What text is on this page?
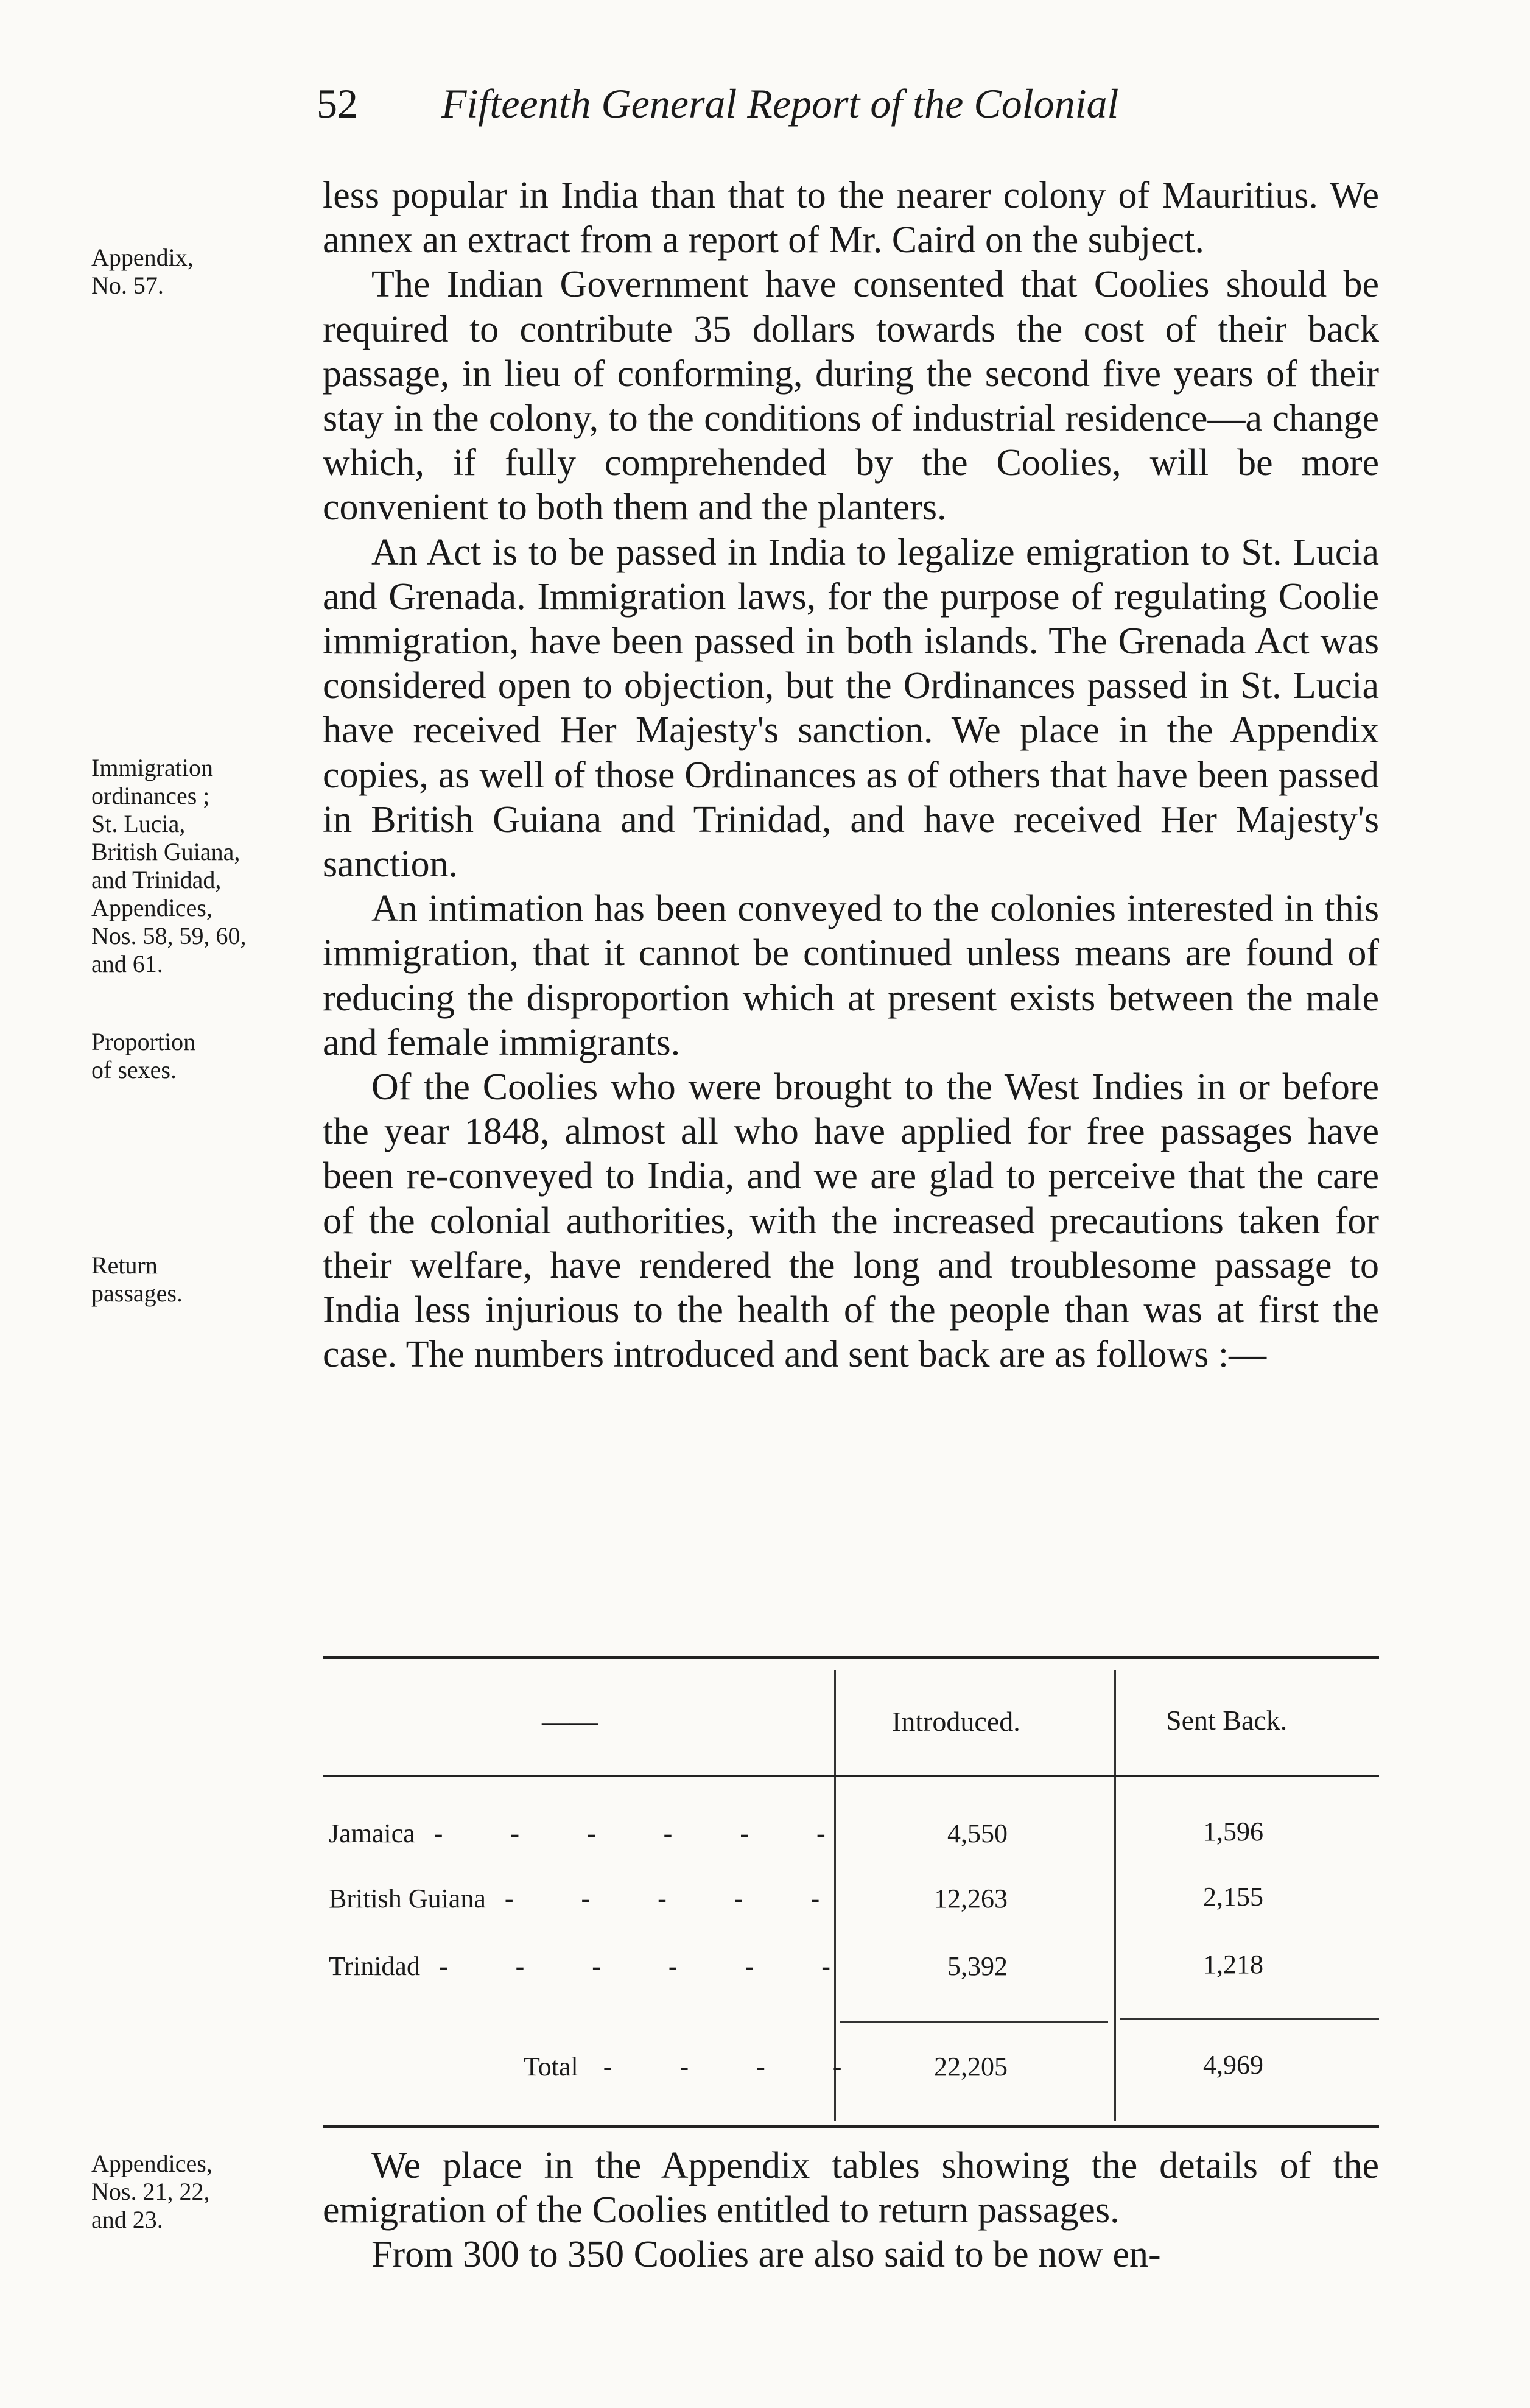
52 Fifteenth General Report of the Colonial
Appendix,
No. 57.
Immigration
ordinances ;
St. Lucia,
British Guiana,
and Trinidad,
Appendices,
Nos. 58, 59, 60,
and 61.
Proportion
of sexes.
Return
passages.
Appendices,
Nos. 21, 22,
and 23.

less popular in India than that to the nearer colony of Mauritius. We annex an extract from a report of Mr. Caird on the subject.

The Indian Government have consented that Coolies should be required to contribute 35 dollars towards the cost of their back passage, in lieu of conforming, during the second five years of their stay in the colony, to the conditions of industrial residence—a change which, if fully comprehended by the Coolies, will be more convenient to both them and the planters.

An Act is to be passed in India to legalize emigration to St. Lucia and Grenada. Immigration laws, for the purpose of regulating Coolie immigration, have been passed in both islands. The Grenada Act was considered open to objection, but the Ordinances passed in St. Lucia have received Her Majesty's sanction. We place in the Appendix copies, as well of those Ordinances as of others that have been passed in British Guiana and Trinidad, and have received Her Majesty's sanction.

An intimation has been conveyed to the colonies interested in this immigration, that it cannot be continued unless means are found of reducing the disproportion which at present exists between the male and female immigrants.

Of the Coolies who were brought to the West Indies in or before the year 1848, almost all who have applied for free passages have been re-conveyed to India, and we are glad to perceive that the care of the colonial authorities, with the increased precautions taken for their welfare, have rendered the long and troublesome passage to India less injurious to the health of the people than was at first the case. The numbers introduced and sent back are as follows :—

——	Introduced.	Sent Back.
Jamaica - - - - - -	4,550	1,596
British Guiana - - - - -	12,263	2,155
Trinidad - - - - - -	5,392	1,218
Total - - - -	22,205	4,969

We place in the Appendix tables showing the details of the emigration of the Coolies entitled to return passages.

From 300 to 350 Coolies are also said to be now en-
